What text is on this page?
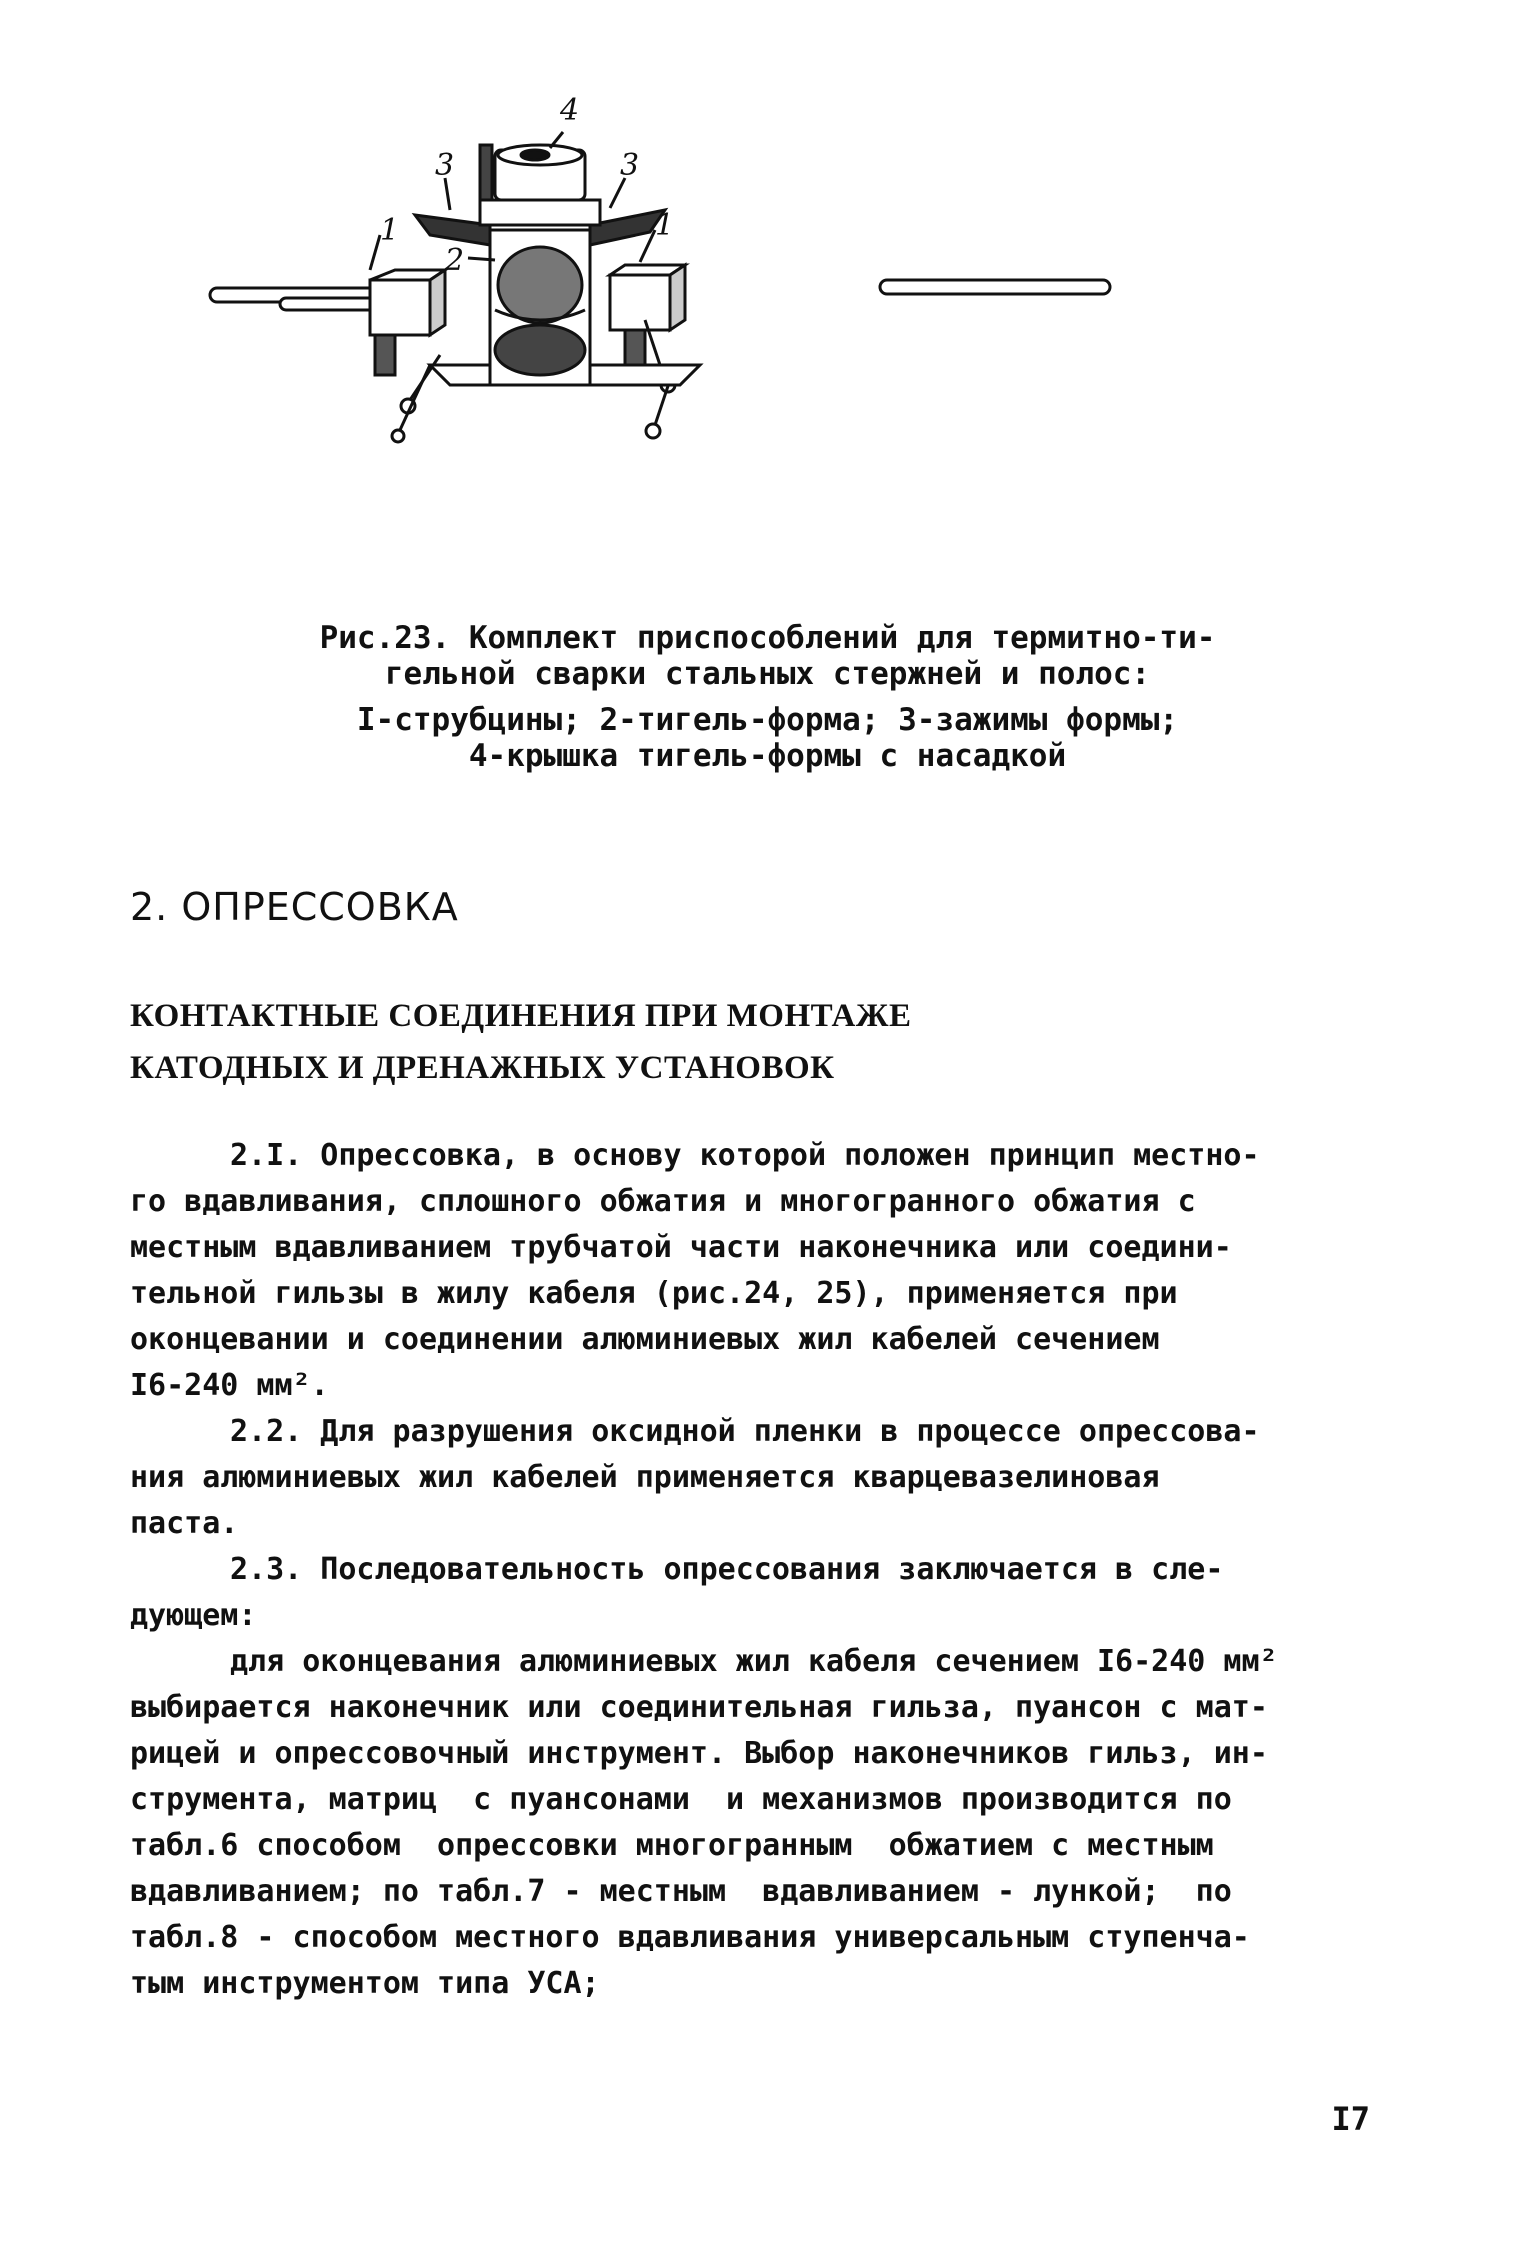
4
3	3
2
1	1
Рис.23. Комплект приспособлений для термитно-ти-
гельной сварки стальных стержней и полос:
I-струбцины; 2-тигель-форма; 3-зажимы формы;
4-крышка тигель-формы с насадкой
2. ОПРЕССОВКА
КОНТАКТНЫЕ СОЕДИНЕНИЯ ПРИ МОНТАЖЕ
КАТОДНЫХ И ДРЕНАЖНЫХ УСТАНОВОК
2.I. Опрессовка, в основу которой положен принцип местно-
го вдавливания, сплошного обжатия и многогранного обжатия с
местным вдавливанием трубчатой части наконечника или соедини-
тельной гильзы в жилу кабеля (рис.24, 25), применяется при
оконцевании и соединении алюминиевых жил кабелей сечением
I6-240 мм².
2.2. Для разрушения оксидной пленки в процессе опрессова-
ния алюминиевых жил кабелей применяется кварцевазелиновая
паста.
2.3. Последовательность опрессования заключается в сле-
дующем:
для оконцевания алюминиевых жил кабеля сечением I6-240 мм²
выбирается наконечник или соединительная гильза, пуансон с мат-
рицей и опрессовочный инструмент. Выбор наконечников гильз, ин-
струмента, матриц  с пуансонами  и механизмов производится по
табл.6 способом  опрессовки многогранным  обжатием с местным
вдавливанием; по табл.7 - местным  вдавливанием - лункой;  по
табл.8 - способом местного вдавливания универсальным ступенча-
тым инструментом типа УСА;
I7
